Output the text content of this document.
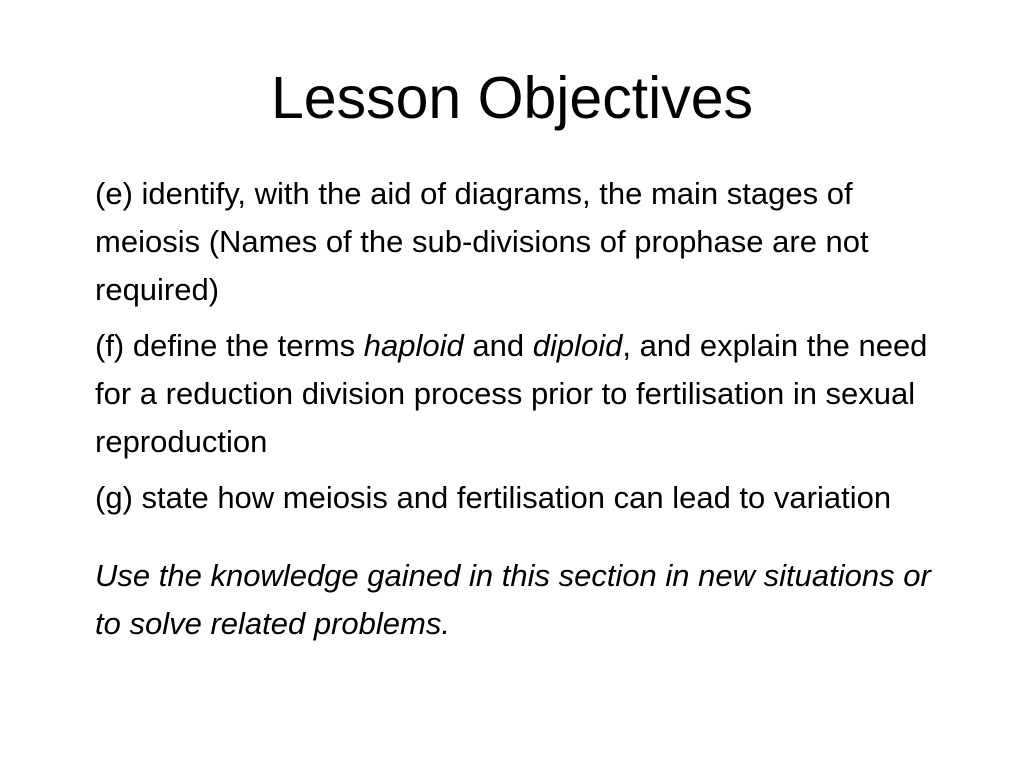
Lesson Objectives

(e) identify, with the aid of diagrams, the main stages of meiosis (Names of the sub-divisions of prophase are not required)

(f) define the terms haploid and diploid, and explain the need for a reduction division process prior to fertilisation in sexual reproduction

(g) state how meiosis and fertilisation can lead to variation

Use the knowledge gained in this section in new situations or to solve related problems.
